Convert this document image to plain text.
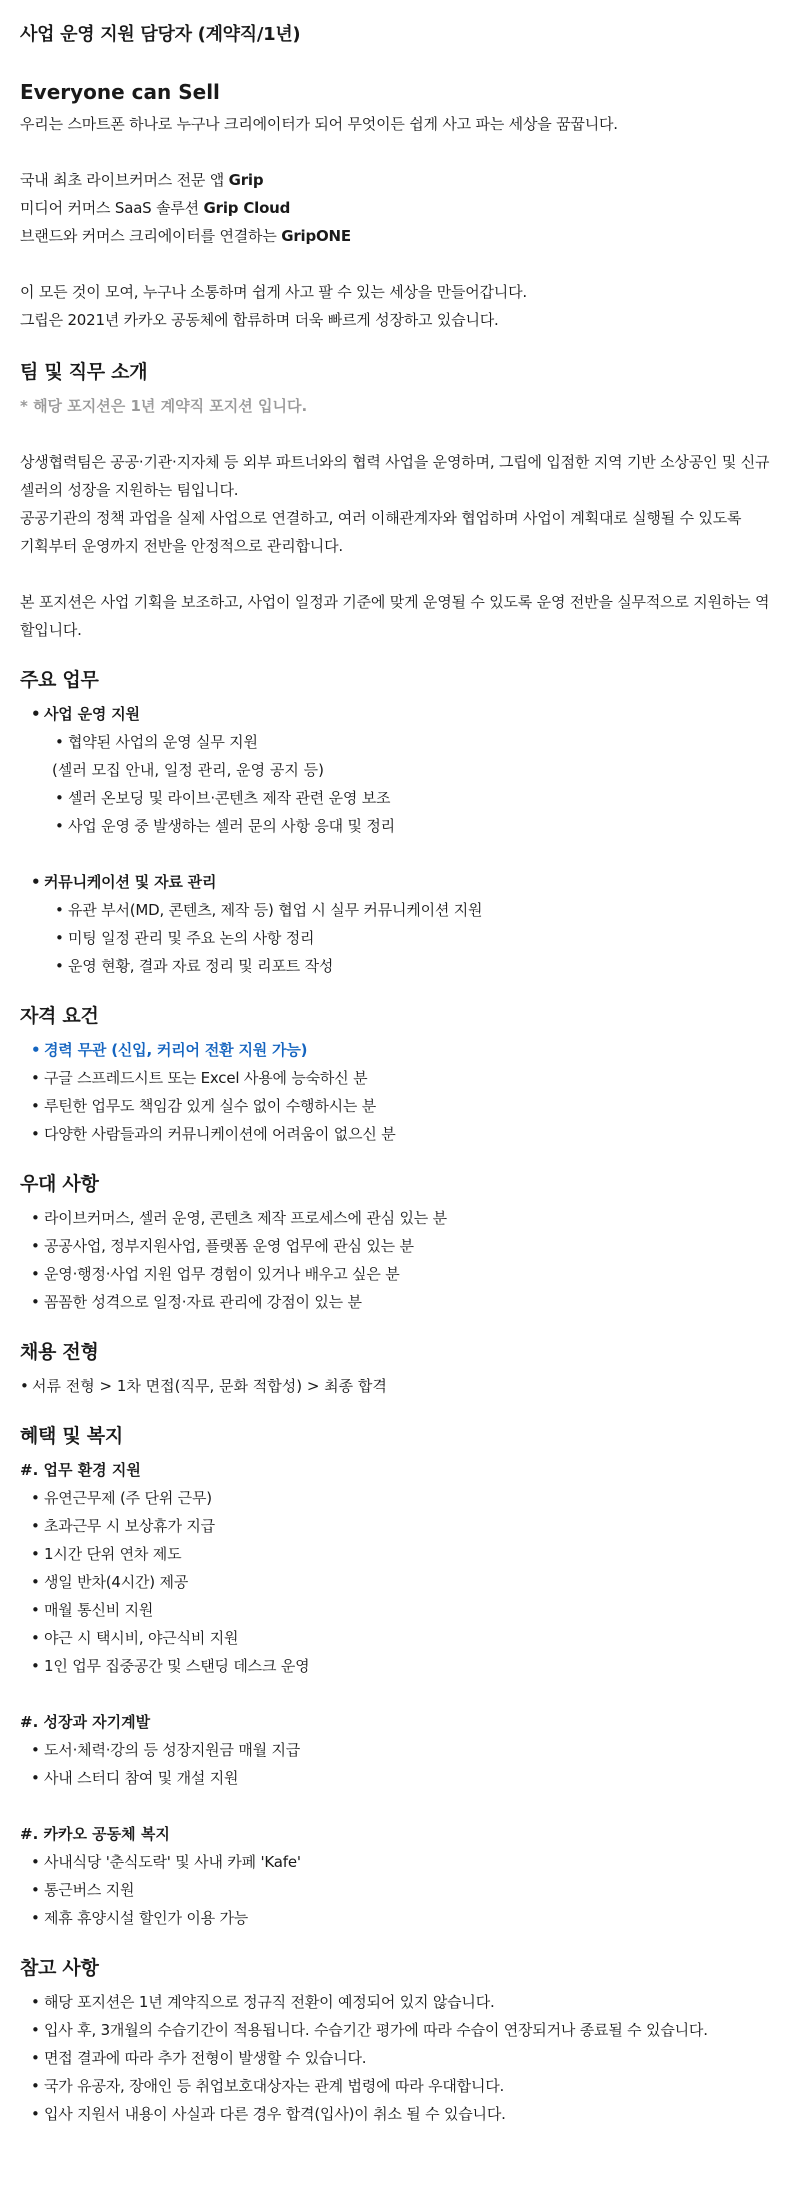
사업 운영 지원 담당자 (계약직/1년)
Everyone can Sell

우리는 스마트폰 하나로 누구나 크리에이터가 되어 무엇이든 쉽게 사고 파는 세상을 꿈꿉니다.

국내 최초 라이브커머스 전문 앱 Grip

미디어 커머스 SaaS 솔루션 Grip Cloud

브랜드와 커머스 크리에이터를 연결하는 GripONE

이 모든 것이 모여, 누구나 소통하며 쉽게 사고 팔 수 있는 세상을 만들어갑니다.

그립은 2021년 카카오 공동체에 합류하며 더욱 빠르게 성장하고 있습니다.

팀 및 직무 소개

* 해당 포지션은 1년 계약직 포지션 입니다.

상생협력팀은 공공·기관·지자체 등 외부 파트너와의 협력 사업을 운영하며, 그립에 입점한 지역 기반 소상공인 및 신규 셀러의 성장을 지원하는 팀입니다.

공공기관의 정책 과업을 실제 사업으로 연결하고, 여러 이해관계자와 협업하며 사업이 계획대로 실행될 수 있도록

기획부터 운영까지 전반을 안정적으로 관리합니다.

본 포지션은 사업 기획을 보조하고, 사업이 일정과 기준에 맞게 운영될 수 있도록 운영 전반을 실무적으로 지원하는 역할입니다.

주요 업무
• 사업 운영 지원
• 협약된 사업의 운영 실무 지원
(셀러 모집 안내, 일정 관리, 운영 공지 등)
• 셀러 온보딩 및 라이브·콘텐츠 제작 관련 운영 보조
• 사업 운영 중 발생하는 셀러 문의 사항 응대 및 정리
• 커뮤니케이션 및 자료 관리
• 유관 부서(MD, 콘텐츠, 제작 등) 협업 시 실무 커뮤니케이션 지원
• 미팅 일정 관리 및 주요 논의 사항 정리
• 운영 현황, 결과 자료 정리 및 리포트 작성
자격 요건
• 경력 무관 (신입, 커리어 전환 지원 가능)
• 구글 스프레드시트 또는 Excel 사용에 능숙하신 분
• 루틴한 업무도 책임감 있게 실수 없이 수행하시는 분
• 다양한 사람들과의 커뮤니케이션에 어려움이 없으신 분
우대 사항
• 라이브커머스, 셀러 운영, 콘텐츠 제작 프로세스에 관심 있는 분
• 공공사업, 정부지원사업, 플랫폼 운영 업무에 관심 있는 분
• 운영·행정·사업 지원 업무 경험이 있거나 배우고 싶은 분
• 꼼꼼한 성격으로 일정·자료 관리에 강점이 있는 분
채용 전형
• 서류 전형 > 1차 면접(직무, 문화 적합성) > 최종 합격
혜택 및 복지
#. 업무 환경 지원
• 유연근무제 (주 단위 근무)
• 초과근무 시 보상휴가 지급
• 1시간 단위 연차 제도
• 생일 반차(4시간) 제공
• 매월 통신비 지원
• 야근 시 택시비, 야근식비 지원
• 1인 업무 집중공간 및 스탠딩 데스크 운영
#. 성장과 자기계발
• 도서·체력·강의 등 성장지원금 매월 지급
• 사내 스터디 참여 및 개설 지원
#. 카카오 공동체 복지
• 사내식당 '춘식도락' 및 사내 카페 'Kafe'
• 통근버스 지원
• 제휴 휴양시설 할인가 이용 가능
참고 사항
• 해당 포지션은 1년 계약직으로 정규직 전환이 예정되어 있지 않습니다.
• 입사 후, 3개월의 수습기간이 적용됩니다. 수습기간 평가에 따라 수습이 연장되거나 종료될 수 있습니다.
• 면접 결과에 따라 추가 전형이 발생할 수 있습니다.
• 국가 유공자, 장애인 등 취업보호대상자는 관계 법령에 따라 우대합니다.
• 입사 지원서 내용이 사실과 다른 경우 합격(입사)이 취소 될 수 있습니다.
